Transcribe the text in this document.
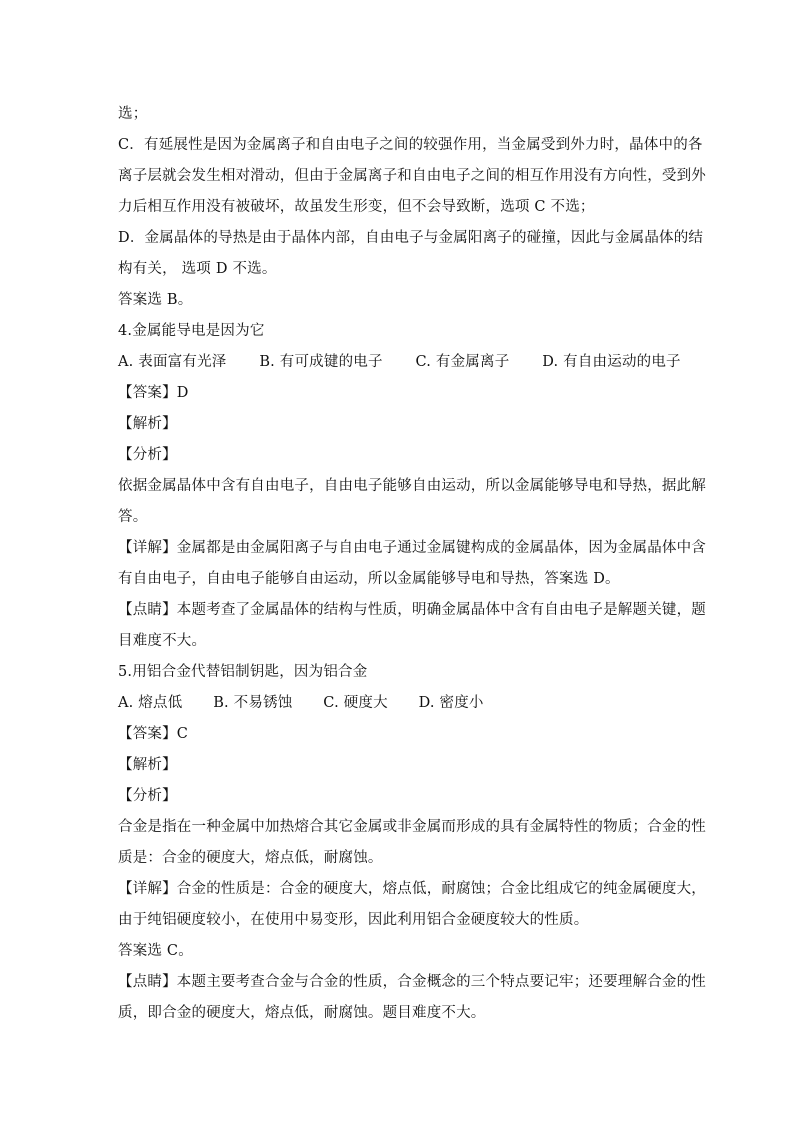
选；
C．有延展性是因为金属离子和自由电子之间的较强作用，当金属受到外力时，晶体中的各
离子层就会发生相对滑动，但由于金属离子和自由电子之间的相互作用没有方向性，受到外
力后相互作用没有被破坏，故虽发生形变，但不会导致断，选项 C 不选；
D．金属晶体的导热是由于晶体内部，自由电子与金属阳离子的碰撞，因此与金属晶体的结
构有关， 选项 D 不选。
答案选 B。
4.金属能导电是因为它
A. 表面富有光泽 B. 有可成键的电子 C. 有金属离子 D. 有自由运动的电子
【答案】D
【解析】
【分析】
依据金属晶体中含有自由电子，自由电子能够自由运动，所以金属能够导电和导热，据此解
答。
【详解】金属都是由金属阳离子与自由电子通过金属键构成的金属晶体，因为金属晶体中含
有自由电子，自由电子能够自由运动，所以金属能够导电和导热，答案选 D。
【点睛】本题考查了金属晶体的结构与性质，明确金属晶体中含有自由电子是解题关键，题
目难度不大。
5.用铝合金代替铝制钥匙，因为铝合金
A. 熔点低 B. 不易锈蚀 C. 硬度大 D. 密度小
【答案】C
【解析】
【分析】
合金是指在一种金属中加热熔合其它金属或非金属而形成的具有金属特性的物质；合金的性
质是：合金的硬度大，熔点低，耐腐蚀。
【详解】合金的性质是：合金的硬度大，熔点低，耐腐蚀；合金比组成它的纯金属硬度大，
由于纯铝硬度较小，在使用中易变形，因此利用铝合金硬度较大的性质。
答案选 C。
【点睛】本题主要考查合金与合金的性质，合金概念的三个特点要记牢；还要理解合金的性
质，即合金的硬度大，熔点低，耐腐蚀。题目难度不大。
